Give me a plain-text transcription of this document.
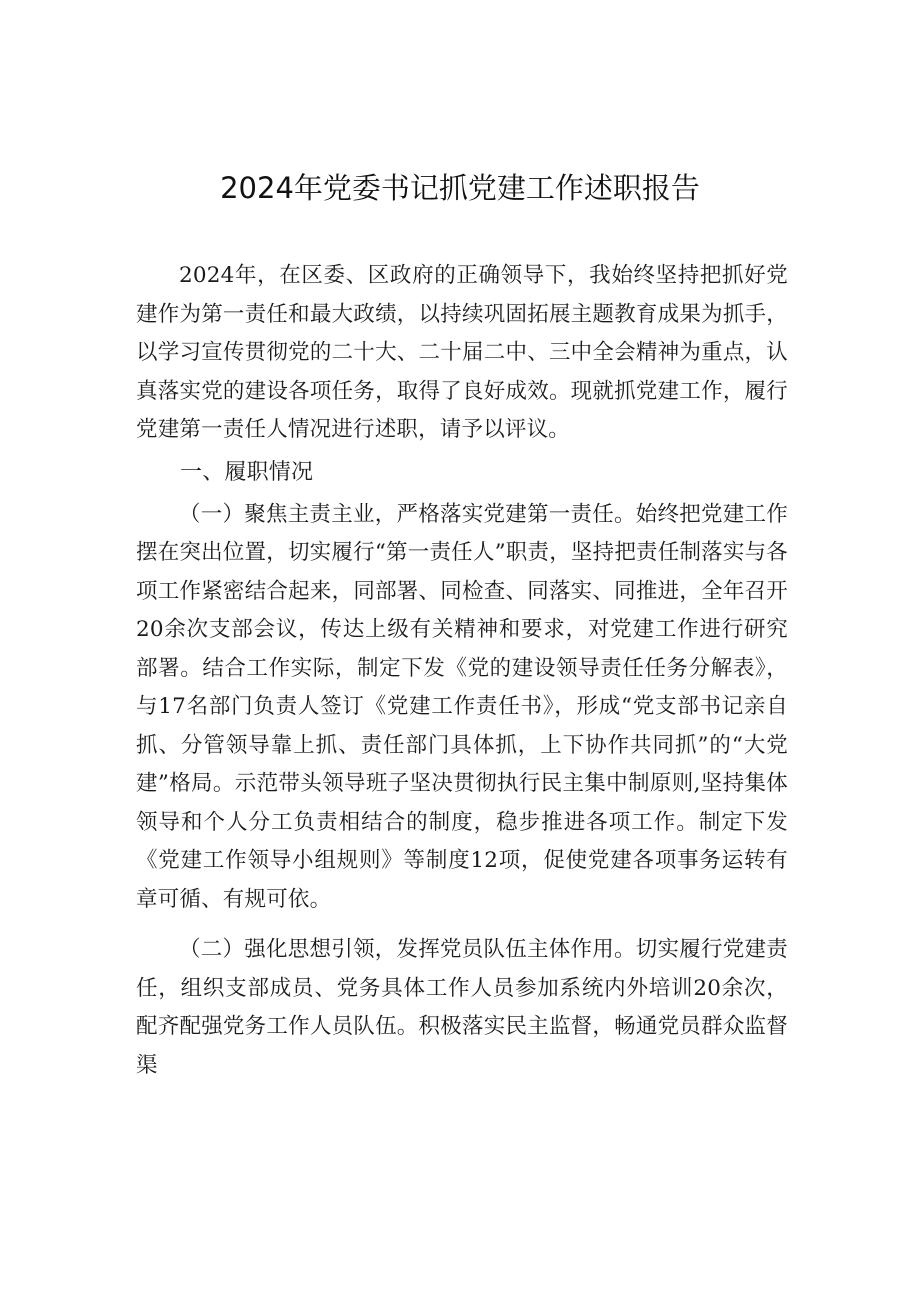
2024年党委书记抓党建工作述职报告

2024年，在区委、区政府的正确领导下，我始终坚持把抓好党建作为第一责任和最大政绩，以持续巩固拓展主题教育成果为抓手，以学习宣传贯彻党的二十大、二十届二中、三中全会精神为重点，认真落实党的建设各项任务，取得了良好成效。现就抓党建工作，履行党建第一责任人情况进行述职，请予以评议。

一、履职情况

（一）聚焦主责主业，严格落实党建第一责任。始终把党建工作摆在突出位置，切实履行“第一责任人”职责，坚持把责任制落实与各项工作紧密结合起来，同部署、同检查、同落实、同推进，全年召开20余次支部会议，传达上级有关精神和要求，对党建工作进行研究部署。结合工作实际，制定下发《党的建设领导责任任务分解表》，与17名部门负责人签订《党建工作责任书》，形成“党支部书记亲自抓、分管领导靠上抓、责任部门具体抓，上下协作共同抓”的“大党建”格局。示范带头领导班子坚决贯彻执行民主集中制原则,坚持集体领导和个人分工负责相结合的制度，稳步推进各项工作。制定下发《党建工作领导小组规则》等制度12项，促使党建各项事务运转有章可循、有规可依。

（二）强化思想引领，发挥党员队伍主体作用。切实履行党建责任，组织支部成员、党务具体工作人员参加系统内外培训20余次，配齐配强党务工作人员队伍。积极落实民主监督，畅通党员群众监督渠
